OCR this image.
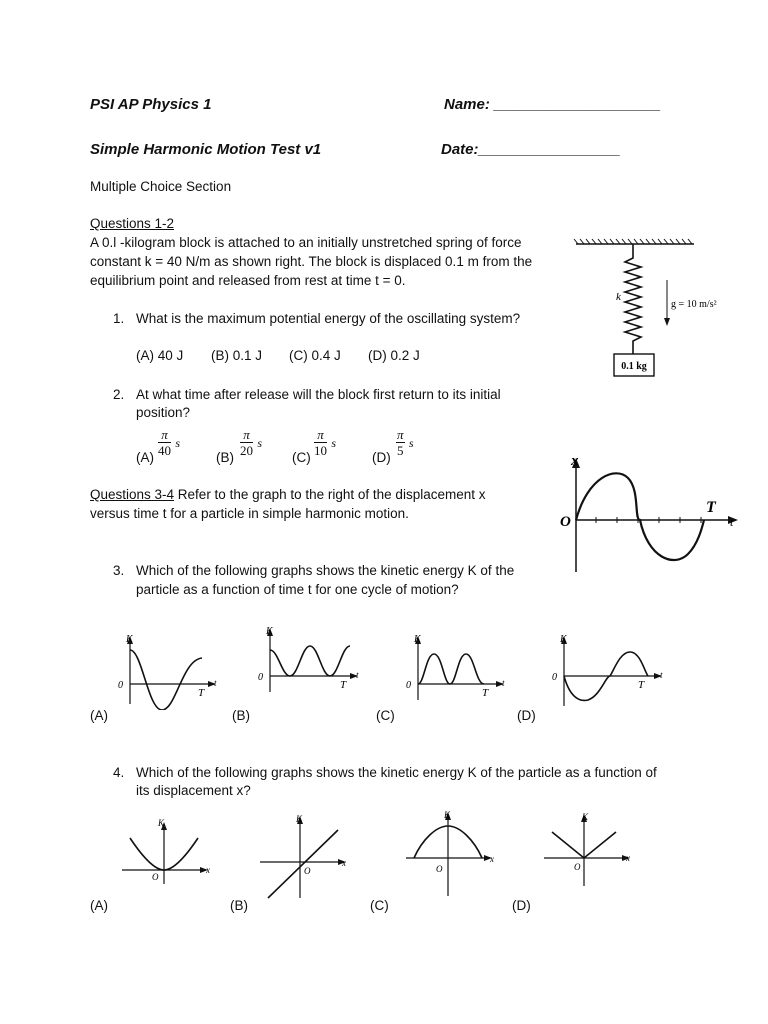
PSI AP Physics 1	Name: ____________________
Simple Harmonic Motion Test v1	Date:_________________
Multiple Choice Section
Questions 1-2
A 0.l -kilogram block is attached to an initially unstretched spring of force
constant k = 40 N/m as shown right. The block is displaced 0.1 m from the
equilibrium point and released from rest at time t = 0.
0.1 kg
k
g = 10 m/s²
1. What is the maximum potential energy of the oscillating system?
(A) 40 J (B) 0.1 J (C) 0.4 J (D) 0.2 J
2. At what time after release will the block first return to its initial
position?
(A)
π
40 s
(B)
π
20 s
(C)
π
10 s
(D)
π
5 s
Questions 3-4 Refer to the graph to the right of the displacement x
versus time t for a particle in simple harmonic motion.
x
O
T
t
3. Which of the following graphs shows the kinetic energy K of the
particle as a function of time t for one cycle of motion?
K
0
T
t
(A)
K
0
T
t
(B)
K
0
T
t
(C)
K
0
T
t
(D)
4. Which of the following graphs shows the kinetic energy K of the particle as a function of
its displacement x?
K
O
x
(A)
K
O
x
(B)
K
O
x
(C)
K
O
x
(D)
